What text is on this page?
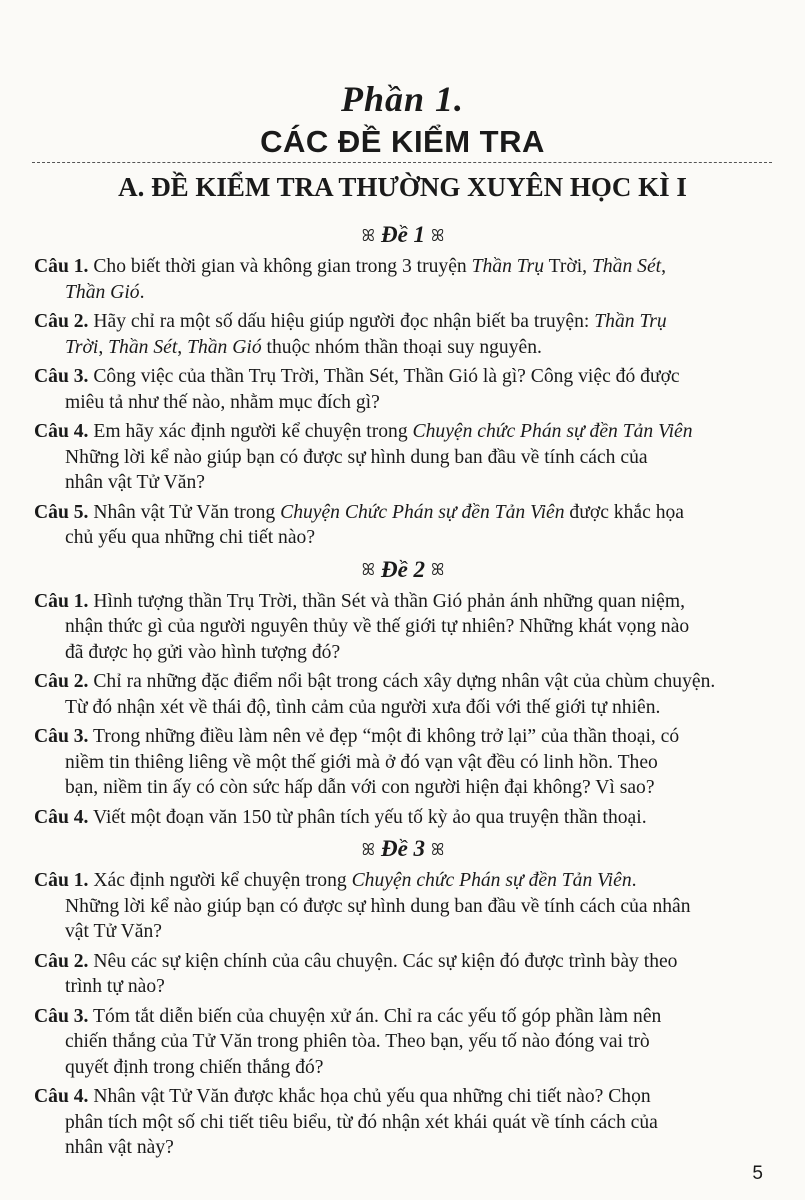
Phần 1.
CÁC ĐỀ KIỂM TRA
A. ĐỀ KIỂM TRA THƯỜNG XUYÊN HỌC KÌ I
ꕤ Đề 1 ꕤ
Câu 1. Cho biết thời gian và không gian trong 3 truyện Thần Trụ Trời, Thần Sét,
Thần Gió.
Câu 2. Hãy chỉ ra một số dấu hiệu giúp người đọc nhận biết ba truyện: Thần Trụ
Trời, Thần Sét, Thần Gió thuộc nhóm thần thoại suy nguyên.
Câu 3. Công việc của thần Trụ Trời, Thần Sét, Thần Gió là gì? Công việc đó được
miêu tả như thế nào, nhằm mục đích gì?
Câu 4. Em hãy xác định người kể chuyện trong Chuyện chức Phán sự đền Tản Viên
Những lời kể nào giúp bạn có được sự hình dung ban đầu về tính cách của
nhân vật Tử Văn?
Câu 5. Nhân vật Tử Văn trong Chuyện Chức Phán sự đền Tản Viên được khắc họa
chủ yếu qua những chi tiết nào?
ꕤ Đề 2 ꕤ
Câu 1. Hình tượng thần Trụ Trời, thần Sét và thần Gió phản ánh những quan niệm,
nhận thức gì của người nguyên thủy về thế giới tự nhiên? Những khát vọng nào
đã được họ gửi vào hình tượng đó?
Câu 2. Chỉ ra những đặc điểm nổi bật trong cách xây dựng nhân vật của chùm chuyện.
Từ đó nhận xét về thái độ, tình cảm của người xưa đối với thế giới tự nhiên.
Câu 3. Trong những điều làm nên vẻ đẹp “một đi không trở lại” của thần thoại, có
niềm tin thiêng liêng về một thế giới mà ở đó vạn vật đều có linh hồn. Theo
bạn, niềm tin ấy có còn sức hấp dẫn với con người hiện đại không? Vì sao?
Câu 4. Viết một đoạn văn 150 từ phân tích yếu tố kỳ ảo qua truyện thần thoại.
ꕤ Đề 3 ꕤ
Câu 1. Xác định người kể chuyện trong Chuyện chức Phán sự đền Tản Viên.
Những lời kể nào giúp bạn có được sự hình dung ban đầu về tính cách của nhân
vật Tử Văn?
Câu 2. Nêu các sự kiện chính của câu chuyện. Các sự kiện đó được trình bày theo
trình tự nào?
Câu 3. Tóm tắt diễn biến của chuyện xử án. Chỉ ra các yếu tố góp phần làm nên
chiến thắng của Tử Văn trong phiên tòa. Theo bạn, yếu tố nào đóng vai trò
quyết định trong chiến thắng đó?
Câu 4. Nhân vật Tử Văn được khắc họa chủ yếu qua những chi tiết nào? Chọn
phân tích một số chi tiết tiêu biểu, từ đó nhận xét khái quát về tính cách của
nhân vật này?
5
